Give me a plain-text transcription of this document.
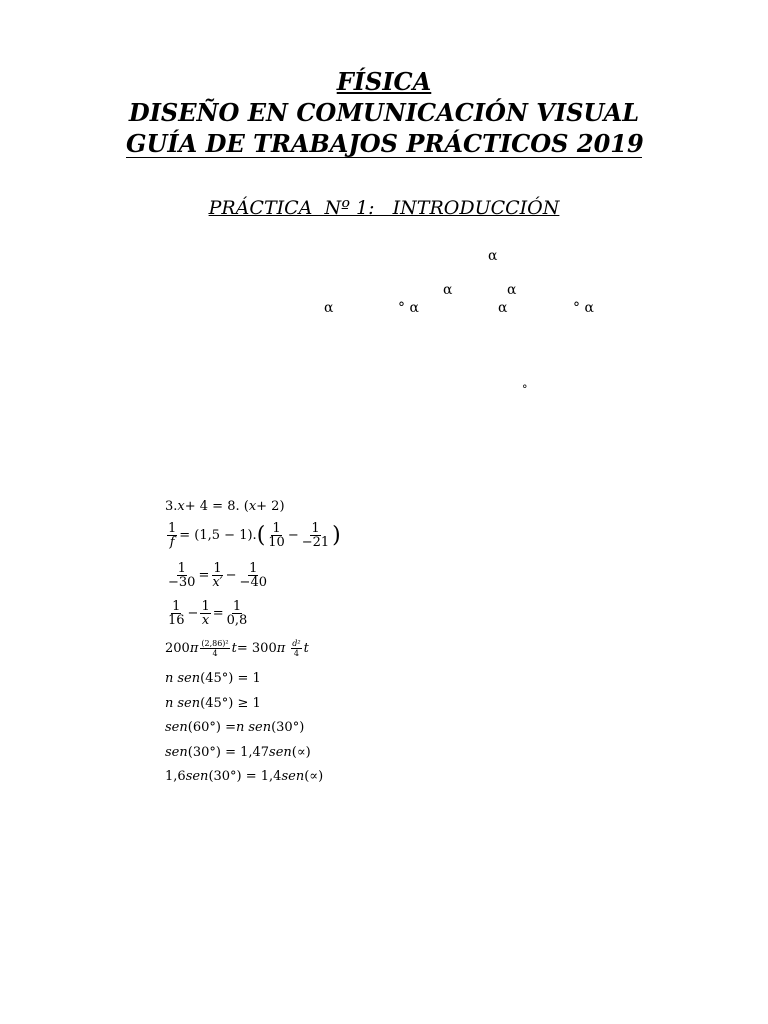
FÍSICA
DISEÑO EN COMUNICACIÓN VISUAL
GUÍA DE TRABAJOS PRÁCTICOS 2019
PRÁCTICA  Nº 1:   INTRODUCCIÓN
α
α	α
α	° α	α	° α
°
3. x + 4 = 8. ( x + 2)
$\frac{1}{f} = (1,5 - 1)$. ( $\frac{1}{10} - \frac{1}{-21}$ )
$\frac{1}{-30} = \frac{1}{x'} - \frac{1}{-40}$
$\frac{1}{16} - \frac{1}{x} = \frac{1}{0,8}$
200 π $\frac{\text{(2,86)²}}{4}$ t = 300 π $\frac{\text{d²}}{4}$ t
n sen (45°) = 1
n sen (45°) ≥ 1
sen (60°) = n sen (30°)
sen (30°) = 1,47 sen (∝)
1,6 sen (30°) = 1,4 sen (∝)
